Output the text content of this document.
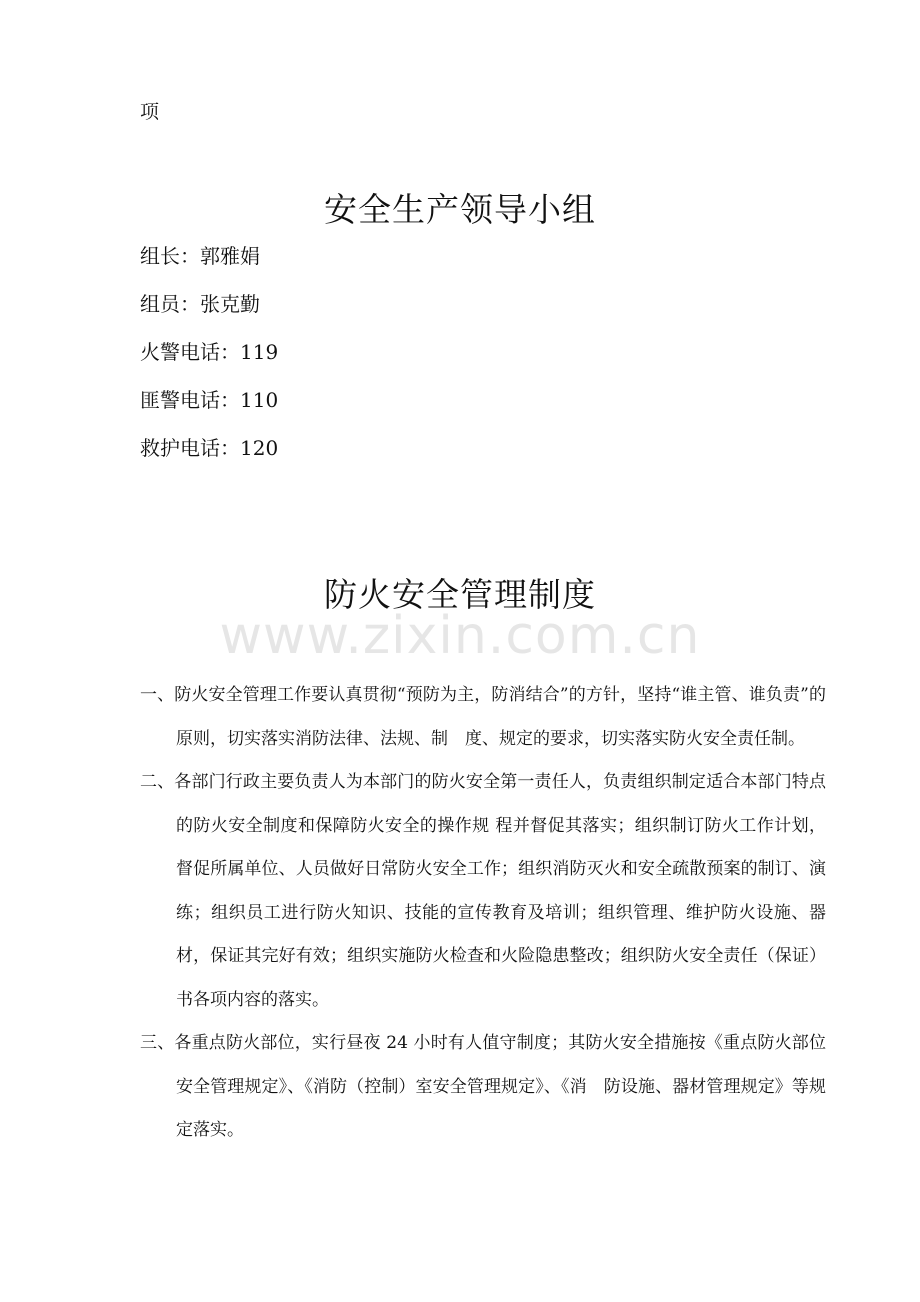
项
安全生产领导小组
组长：郭雅娟
组员：张克勤
火警电话：119
匪警电话：110
救护电话：120
防火安全管理制度
www.zixin.com.cn
一、防火安全管理工作要认真贯彻“预防为主，防消结合”的方针，坚持“谁主管、谁负责”的原则，切实落实消防法律、法规、制　度、规定的要求，切实落实防火安全责任制。
二、各部门行政主要负责人为本部门的防火安全第一责任人，负责组织制定适合本部门特点的防火安全制度和保障防火安全的操作规 程并督促其落实；组织制订防火工作计划，督促所属单位、人员做好日常防火安全工作；组织消防灭火和安全疏散预案的制订、演练；组织员工进行防火知识、技能的宣传教育及培训；组织管理、维护防火设施、器材，保证其完好有效；组织实施防火检查和火险隐患整改；组织防火安全责任（保证）书各项内容的落实。
三、各重点防火部位，实行昼夜 24 小时有人值守制度；其防火安全措施按《重点防火部位安全管理规定》、《消防（控制）室安全管理规定》、《消　防设施、器材管理规定》等规定落实。
